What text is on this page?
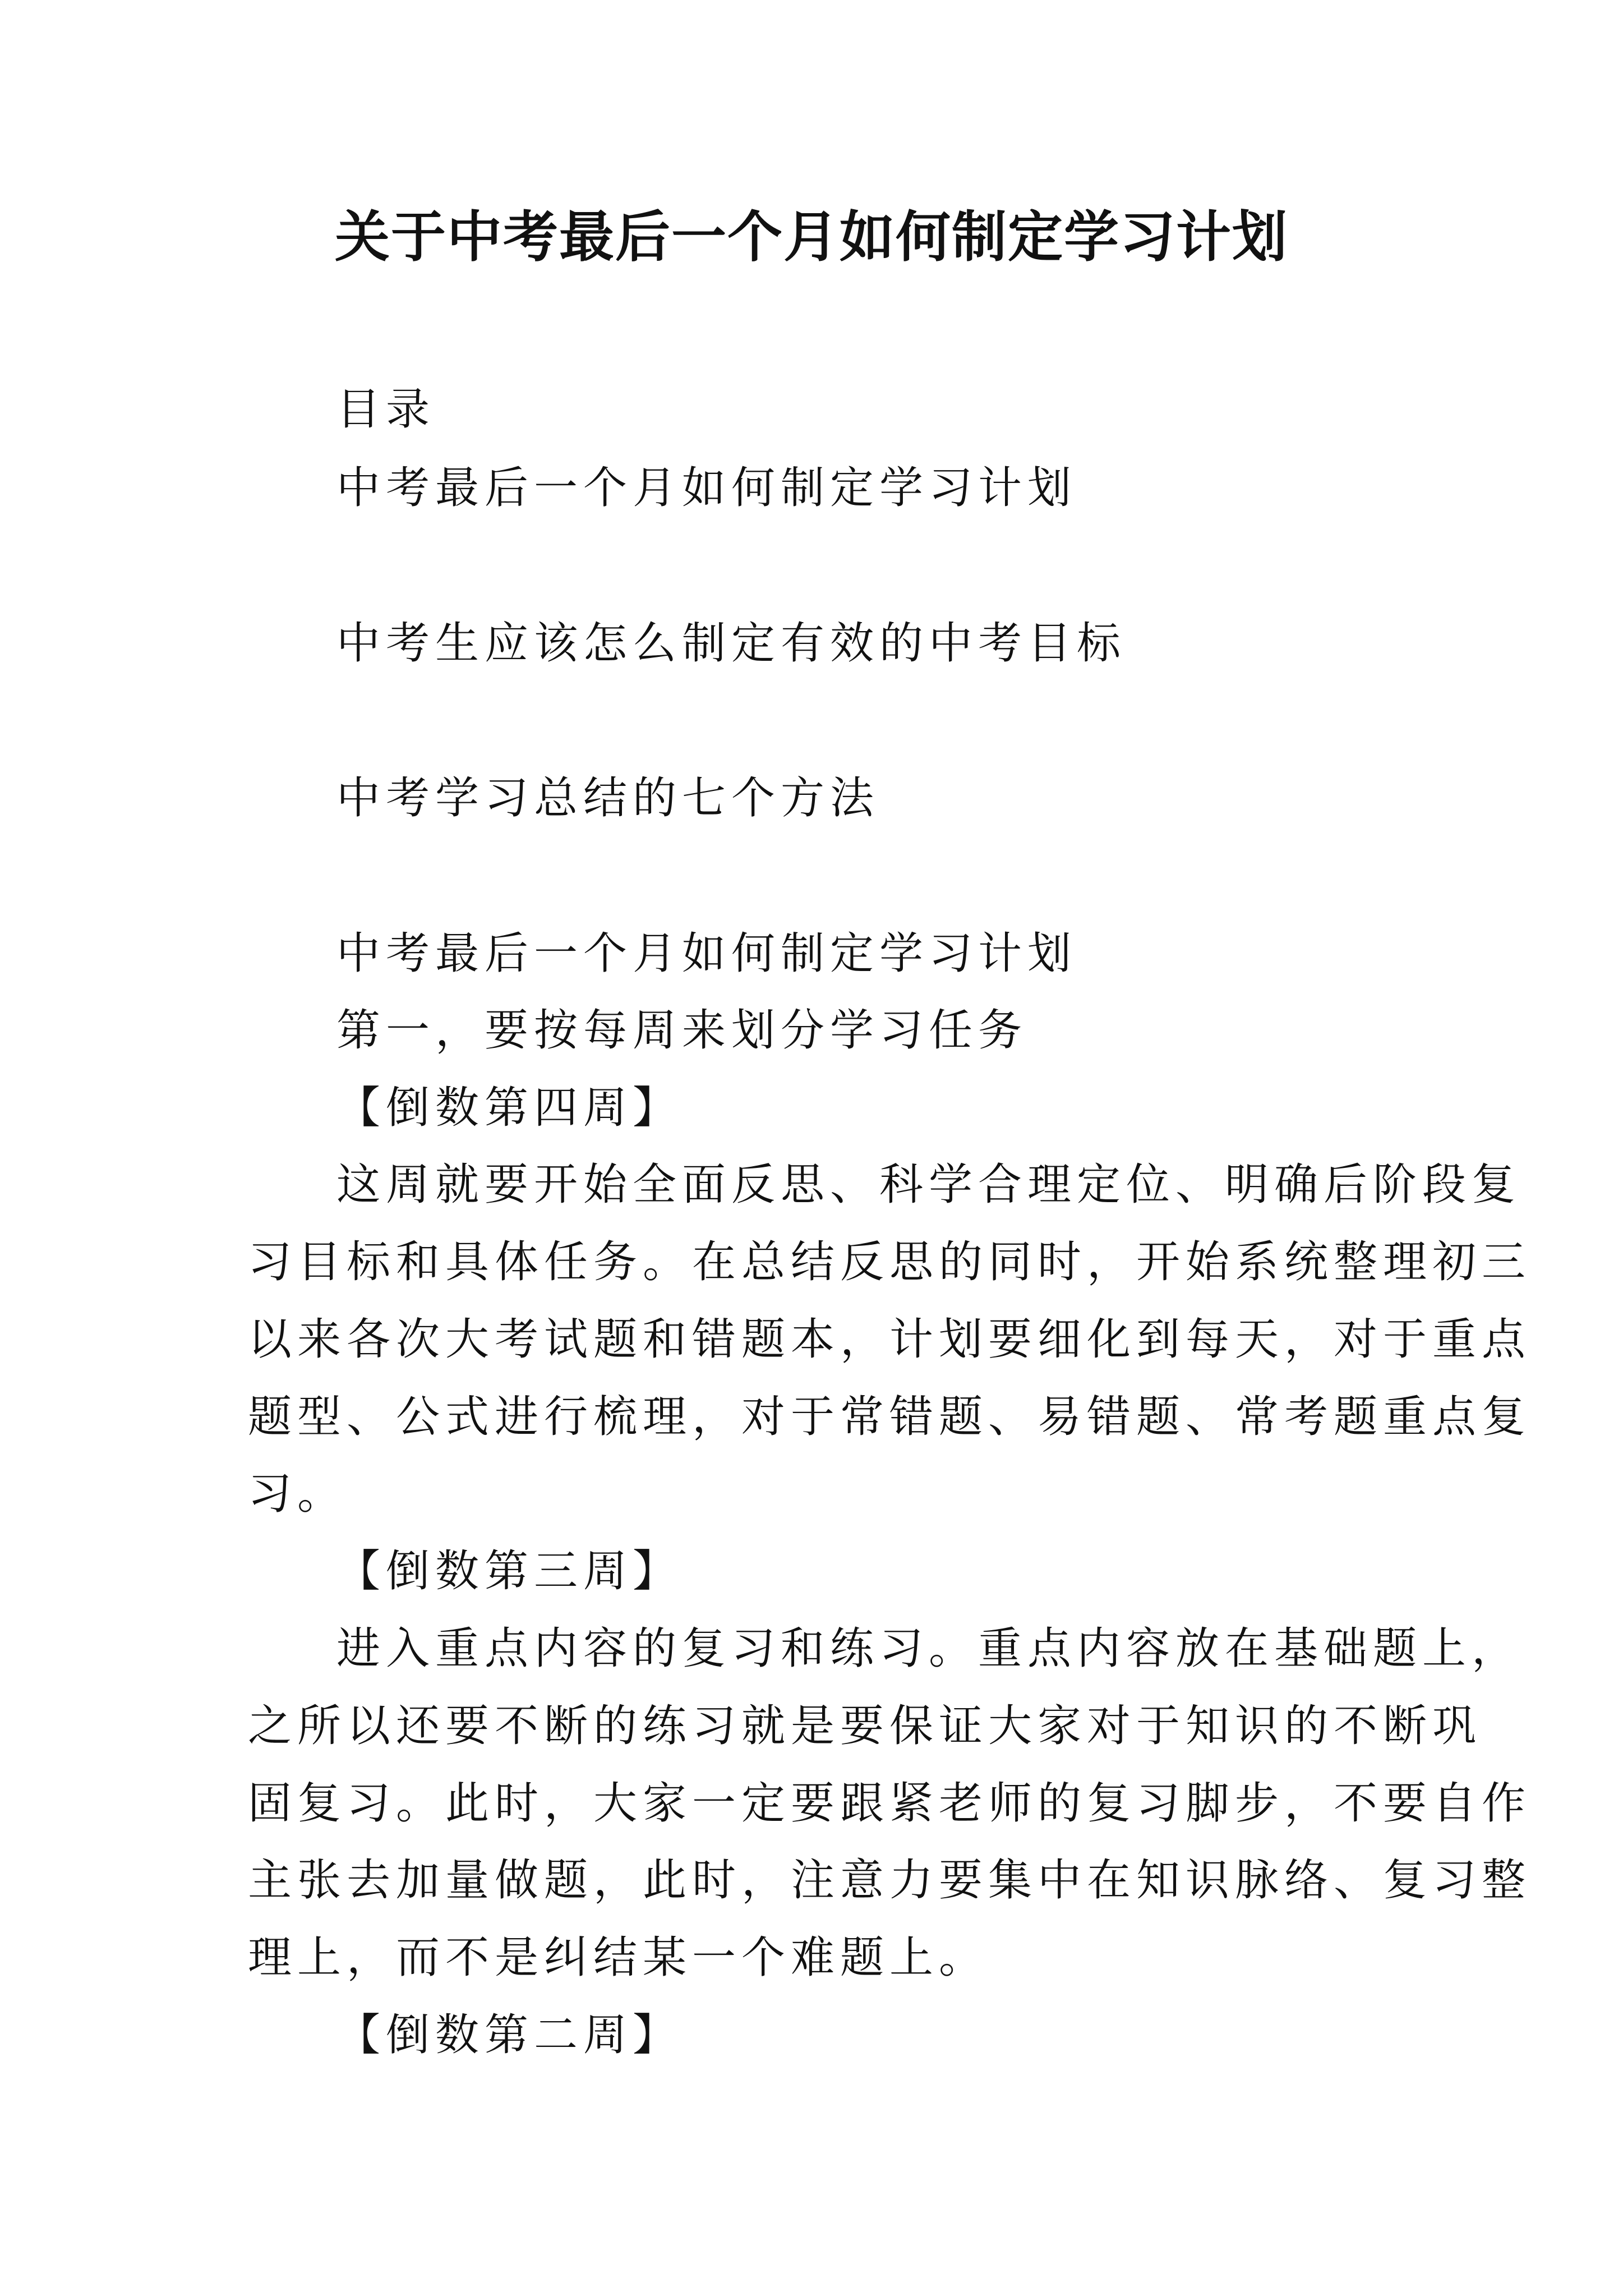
关于中考最后一个月如何制定学习计划
目录
中考最后一个月如何制定学习计划
中考生应该怎么制定有效的中考目标
中考学习总结的七个方法
中考最后一个月如何制定学习计划
第一，要按每周来划分学习任务
【倒数第四周】
这周就要开始全面反思、科学合理定位、明确后阶段复
习目标和具体任务。在总结反思的同时，开始系统整理初三
以来各次大考试题和错题本，计划要细化到每天，对于重点
题型、公式进行梳理，对于常错题、易错题、常考题重点复
习。
【倒数第三周】
进入重点内容的复习和练习。重点内容放在基础题上，
之所以还要不断的练习就是要保证大家对于知识的不断巩
固复习。此时，大家一定要跟紧老师的复习脚步，不要自作
主张去加量做题，此时，注意力要集中在知识脉络、复习整
理上，而不是纠结某一个难题上。
【倒数第二周】
